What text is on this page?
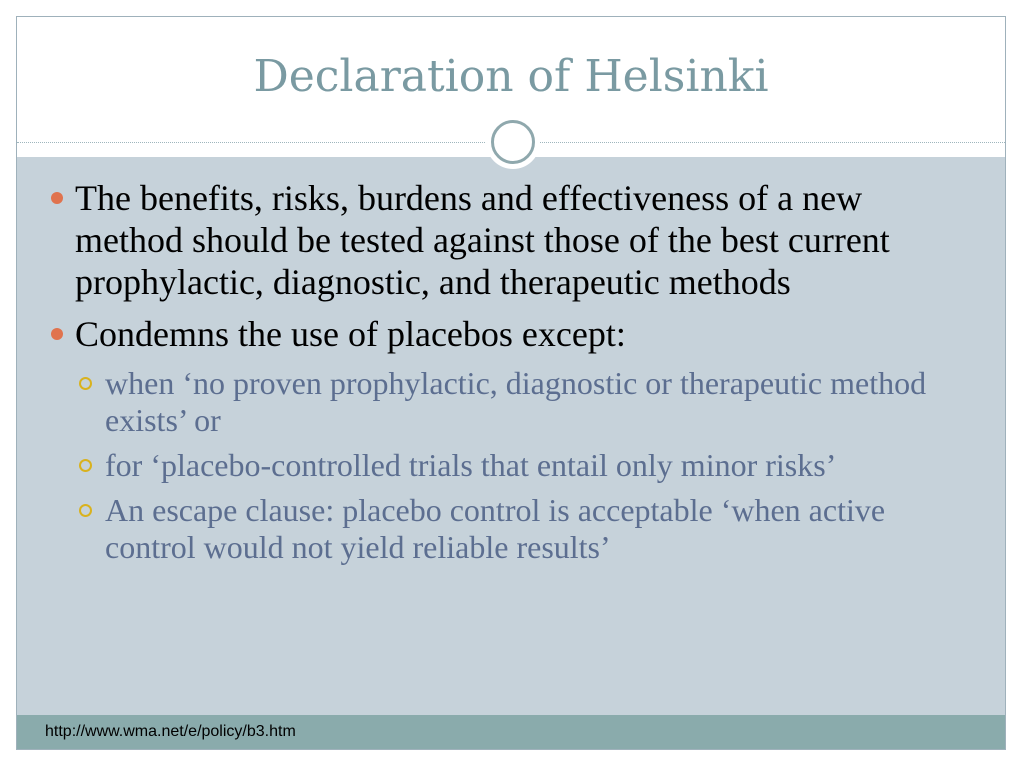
Declaration of Helsinki
The benefits, risks, burdens and effectiveness of a new method should be tested against those of the best current prophylactic, diagnostic, and therapeutic methods
Condemns the use of placebos except:
when ‘no proven prophylactic, diagnostic or therapeutic method exists’ or
for ‘placebo-controlled trials that entail only minor risks’
An escape clause: placebo control is acceptable ‘when active control would not yield reliable results’
http://www.wma.net/e/policy/b3.htm
